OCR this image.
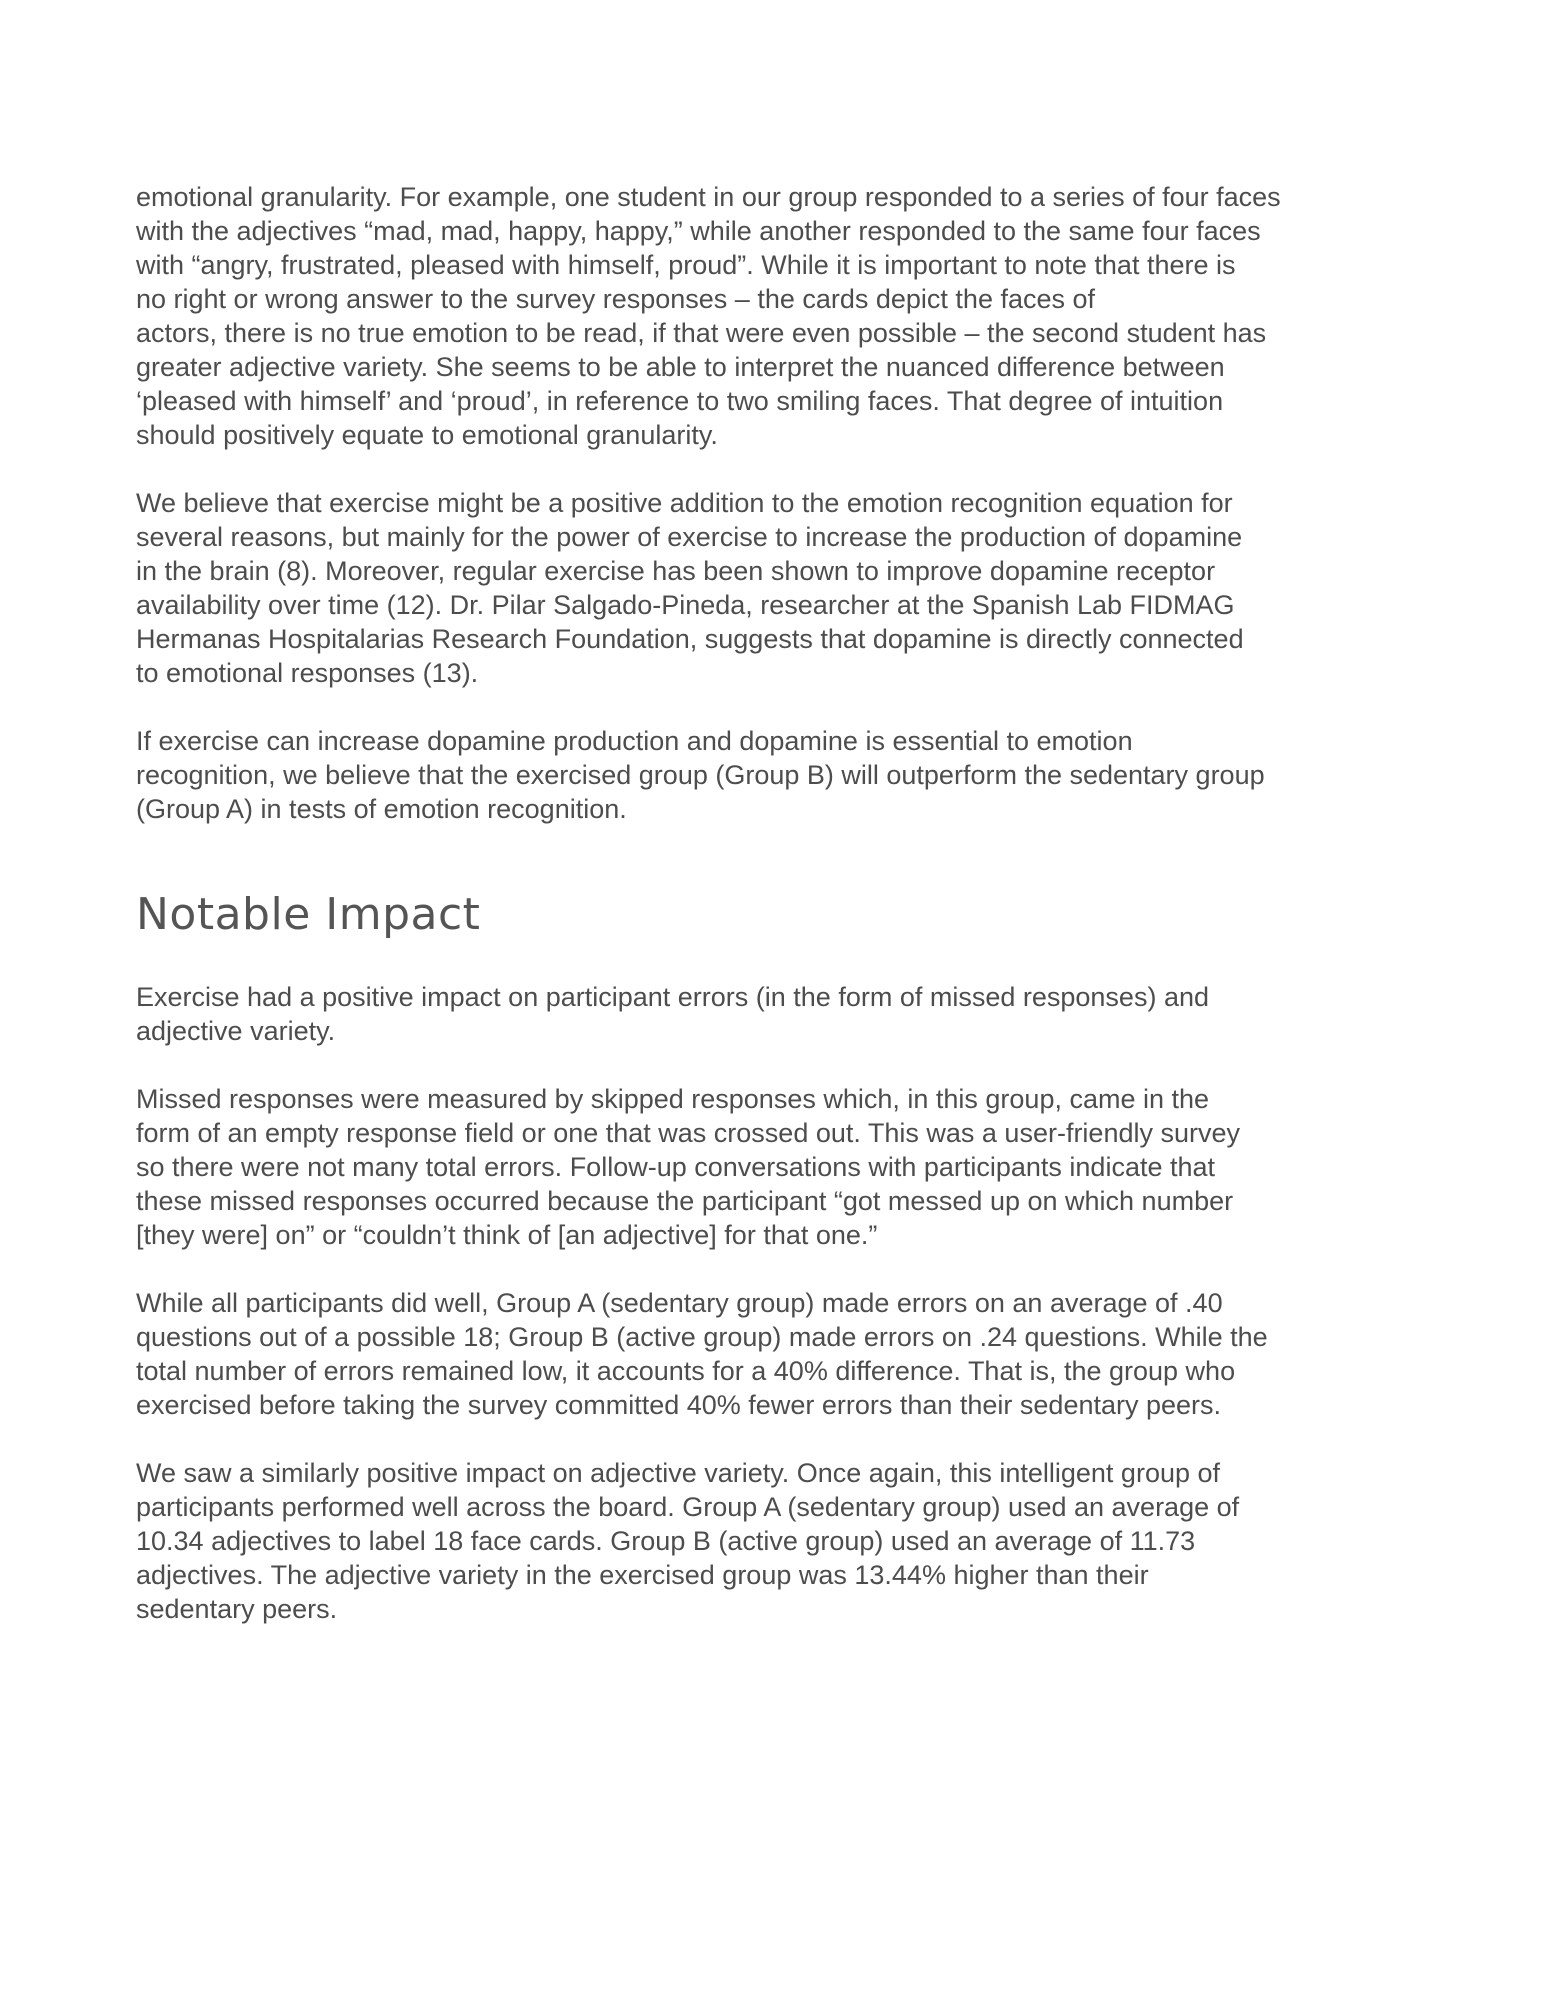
emotional granularity. For example, one student in our group responded to a series of four faces
with the adjectives “mad, mad, happy, happy,” while another responded to the same four faces
with “angry, frustrated, pleased with himself, proud”. While it is important to note that there is
no right or wrong answer to the survey responses – the cards depict the faces of
actors, there is no true emotion to be read, if that were even possible – the second student has
greater adjective variety. She seems to be able to interpret the nuanced difference between
‘pleased with himself’ and ‘proud’, in reference to two smiling faces. That degree of intuition
should positively equate to emotional granularity.

We believe that exercise might be a positive addition to the emotion recognition equation for
several reasons, but mainly for the power of exercise to increase the production of dopamine
in the brain (8). Moreover, regular exercise has been shown to improve dopamine receptor
availability over time (12). Dr. Pilar Salgado-Pineda, researcher at the Spanish Lab FIDMAG
Hermanas Hospitalarias Research Foundation, suggests that dopamine is directly connected
to emotional responses (13).

If exercise can increase dopamine production and dopamine is essential to emotion
recognition, we believe that the exercised group (Group B) will outperform the sedentary group
(Group A) in tests of emotion recognition.

Notable Impact

Exercise had a positive impact on participant errors (in the form of missed responses) and
adjective variety.

Missed responses were measured by skipped responses which, in this group, came in the
form of an empty response field or one that was crossed out. This was a user-friendly survey
so there were not many total errors. Follow-up conversations with participants indicate that
these missed responses occurred because the participant “got messed up on which number
[they were] on” or “couldn’t think of [an adjective] for that one.”

While all participants did well, Group A (sedentary group) made errors on an average of .40
questions out of a possible 18; Group B (active group) made errors on .24 questions. While the
total number of errors remained low, it accounts for a 40% difference. That is, the group who
exercised before taking the survey committed 40% fewer errors than their sedentary peers.

We saw a similarly positive impact on adjective variety. Once again, this intelligent group of
participants performed well across the board. Group A (sedentary group) used an average of
10.34 adjectives to label 18 face cards. Group B (active group) used an average of 11.73
adjectives. The adjective variety in the exercised group was 13.44% higher than their
sedentary peers.
